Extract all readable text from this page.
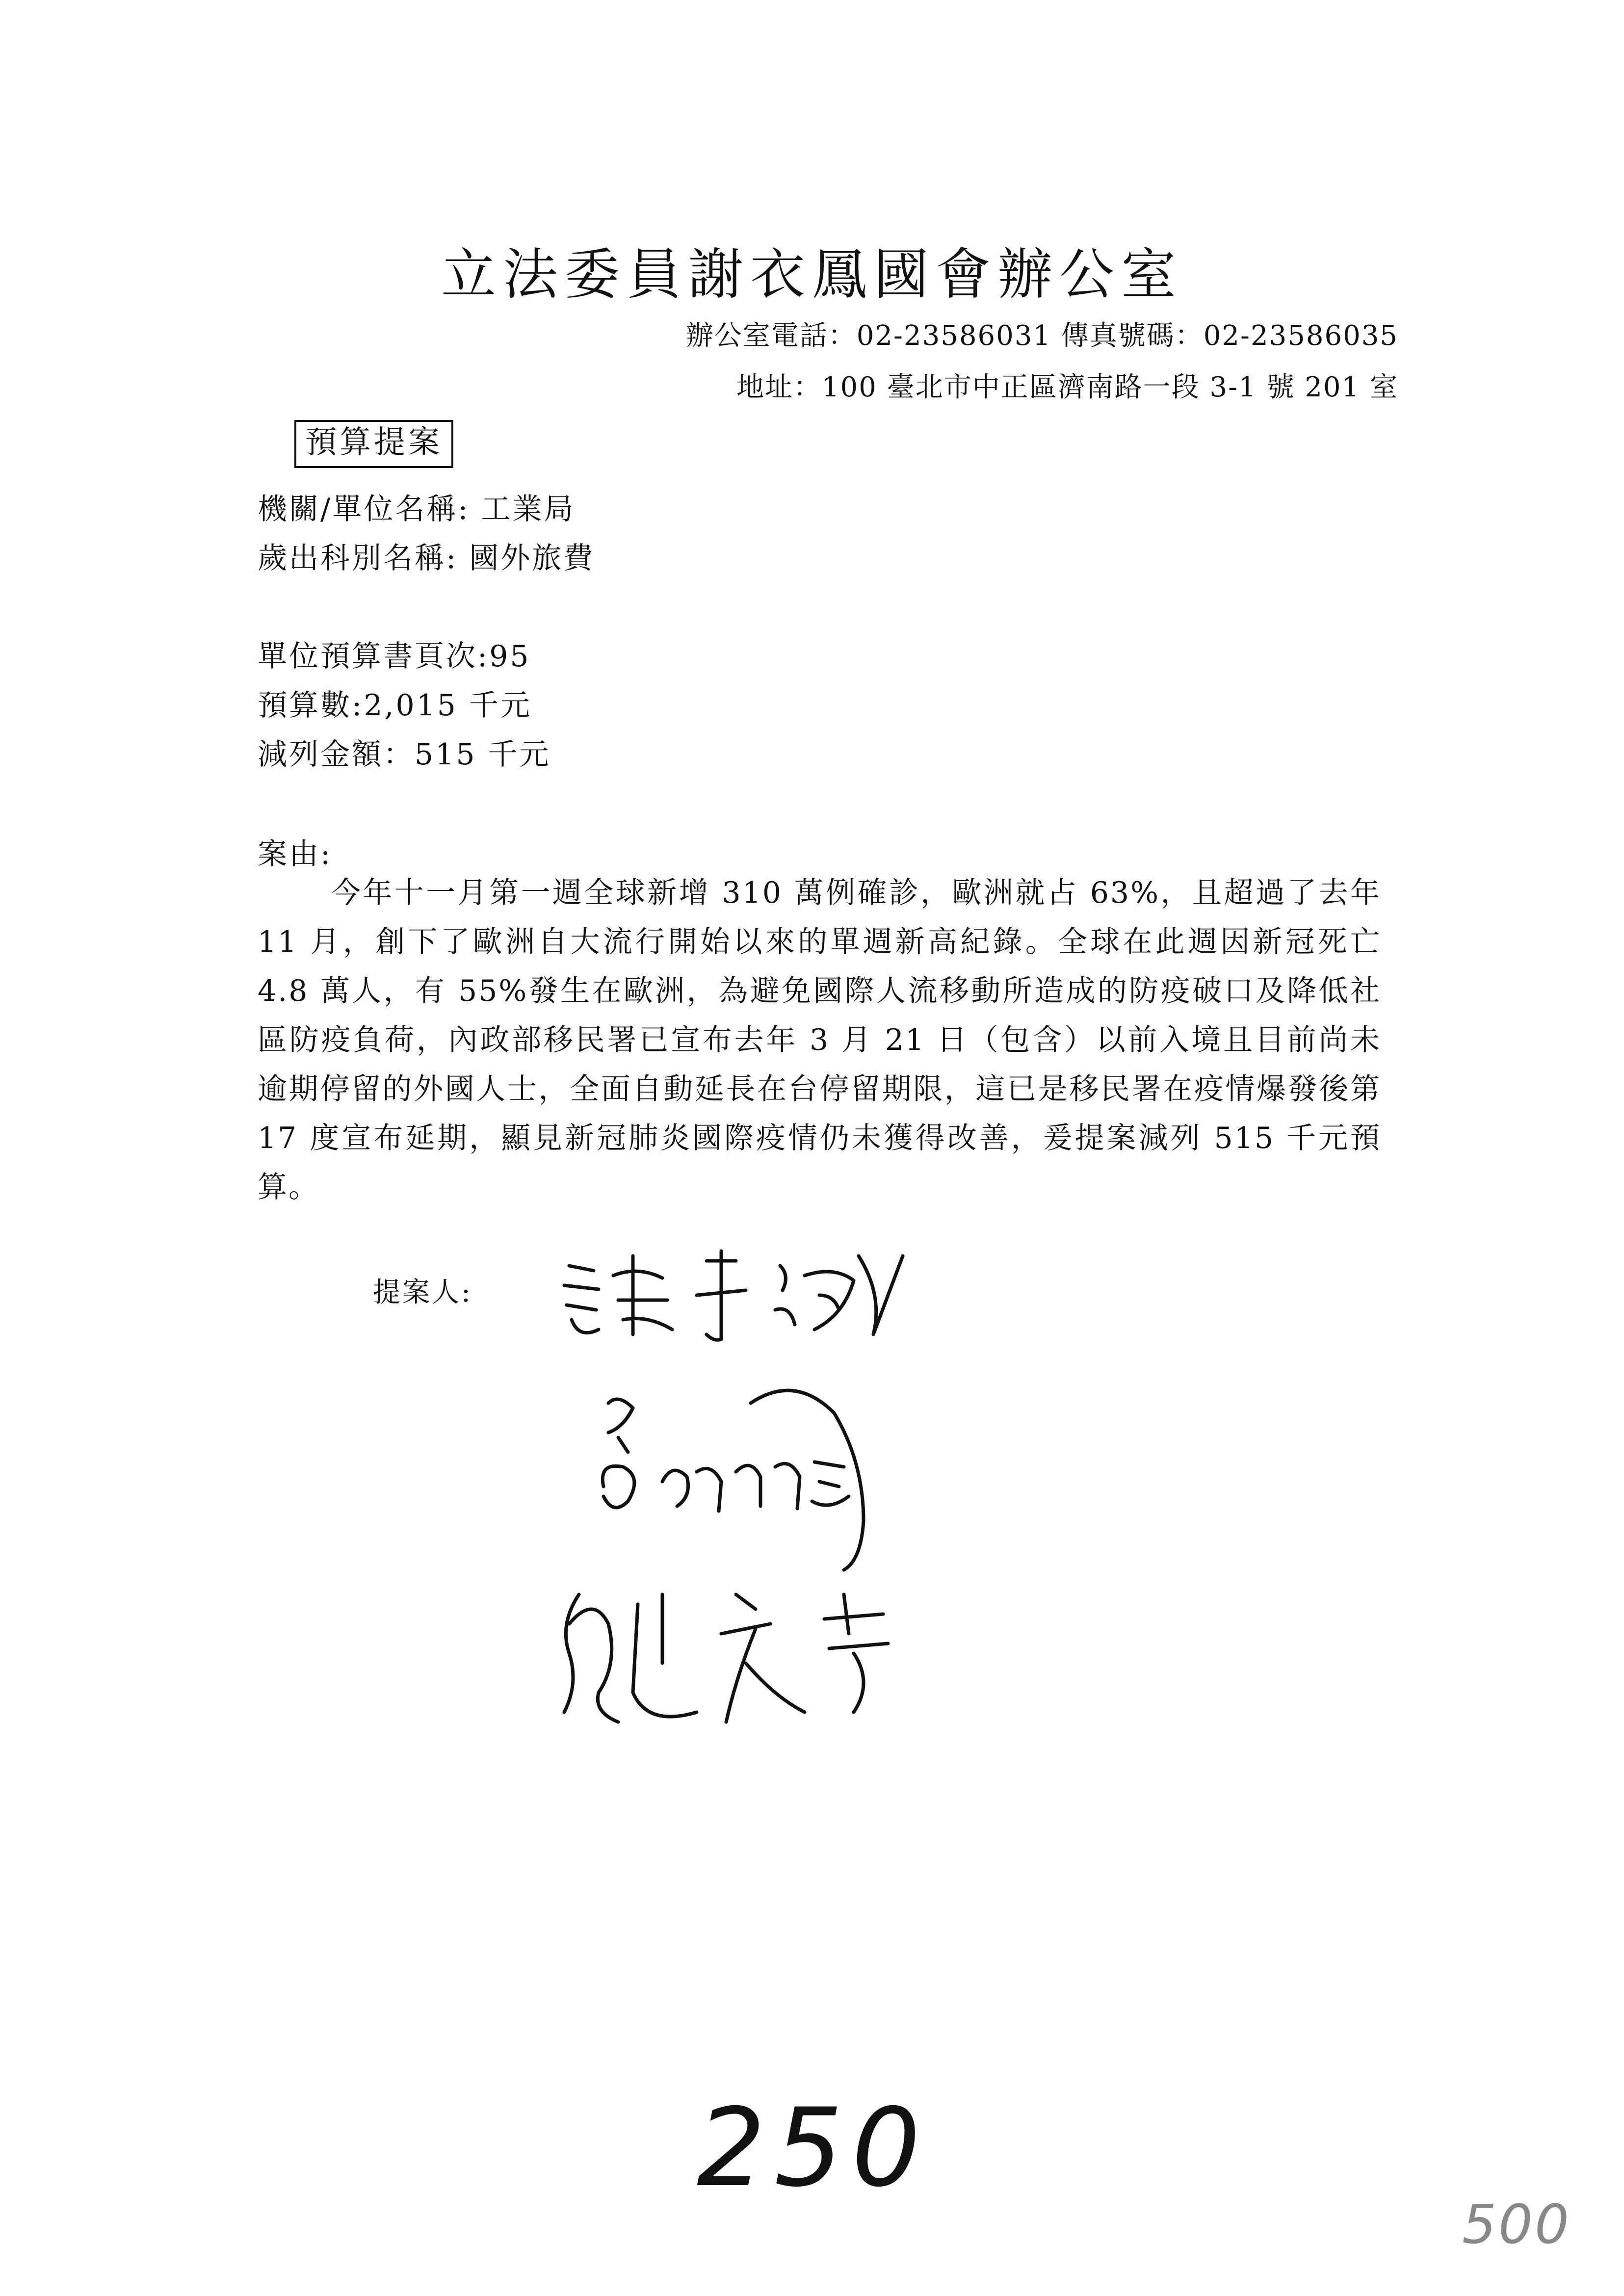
立法委員謝衣鳳國會辦公室
辦公室電話：02-23586031 傳真號碼：02-23586035
地址：100 臺北市中正區濟南路一段 3-1 號 201 室
預算提案
機關/單位名稱: 工業局
歲出科別名稱: 國外旅費
單位預算書頁次:95
預算數:2,015 千元
減列金額：515 千元
案由:
今年十一月第一週全球新增 310 萬例確診，歐洲就占 63%，且超過了去年 11 月，創下了歐洲自大流行開始以來的單週新高紀錄。全球在此週因新冠死亡 4.8 萬人，有 55%發生在歐洲，為避免國際人流移動所造成的防疫破口及降低社區防疫負荷，內政部移民署已宣布去年 3 月 21 日（包含）以前入境且目前尚未逾期停留的外國人士，全面自動延長在台停留期限，這已是移民署在疫情爆發後第 17 度宣布延期，顯見新冠肺炎國際疫情仍未獲得改善，爰提案減列 515 千元預算。
提案人:
250
500
